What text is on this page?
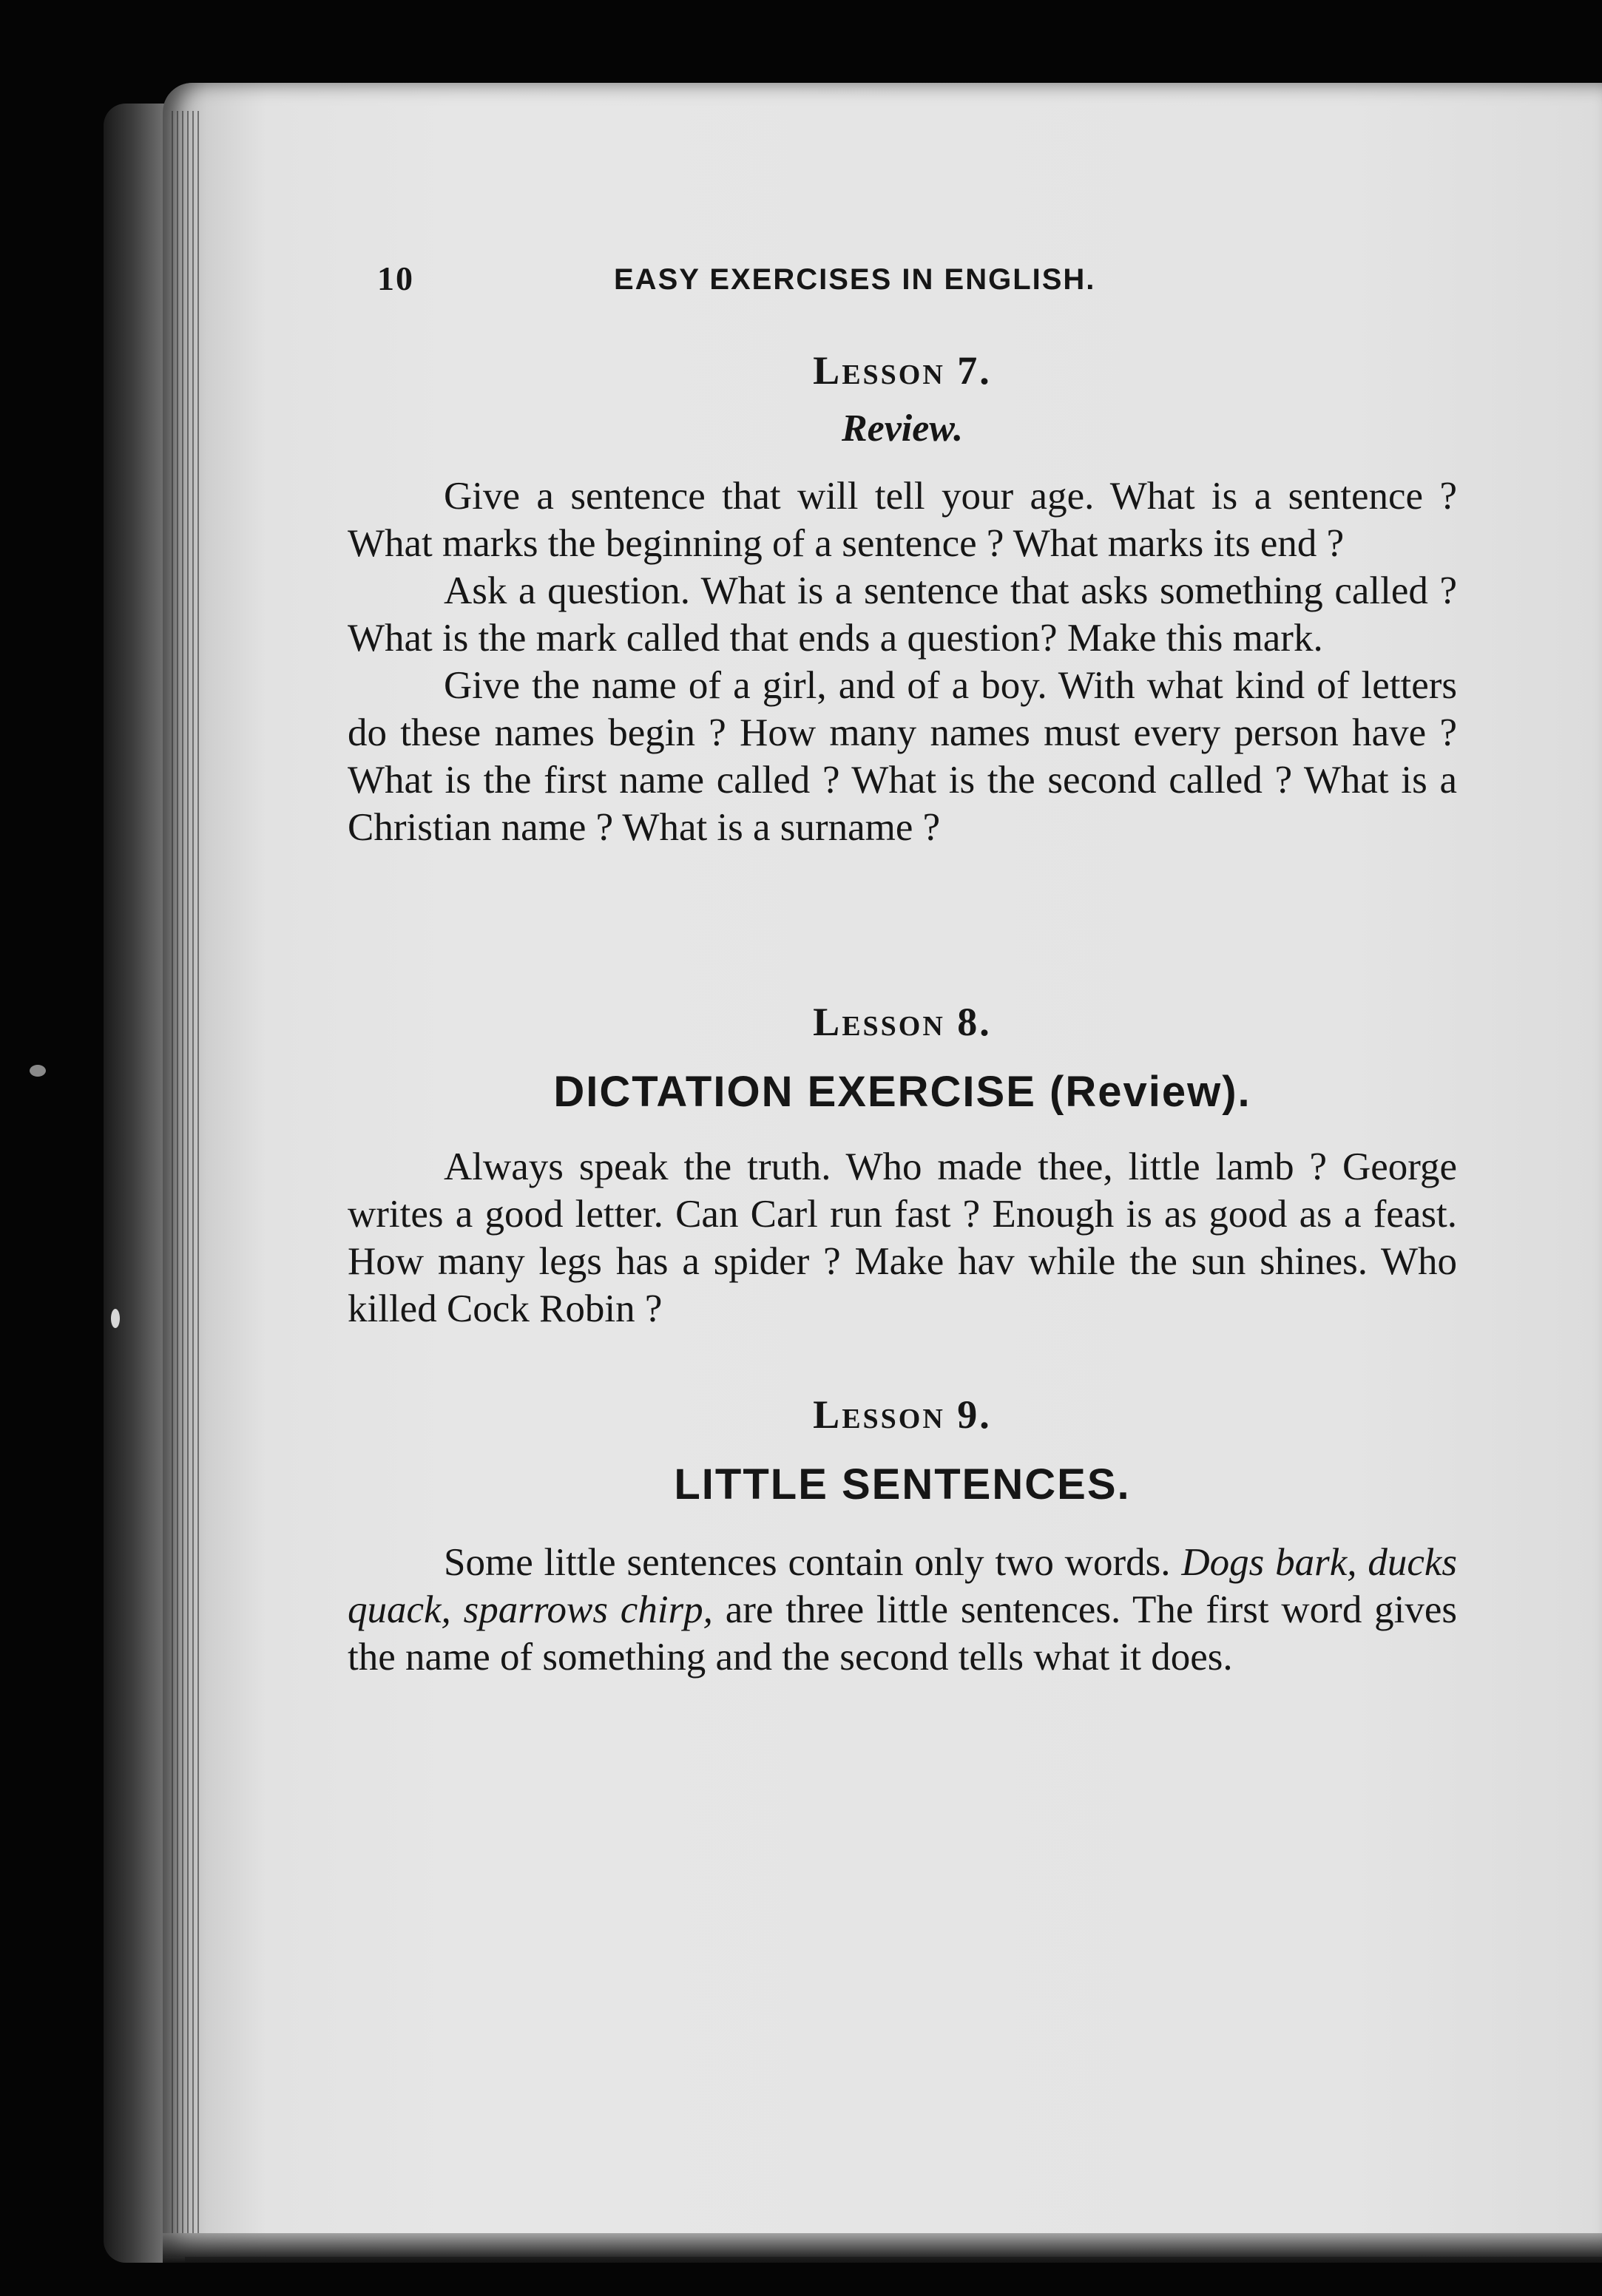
10	EASY EXERCISES IN ENGLISH.
Lesson 7.
Review.

Give a sentence that will tell your age. What is a sentence ? What marks the beginning of a sentence ? What marks its end ?

Ask a question. What is a sentence that asks something called ? What is the mark called that ends a question? Make this mark.

Give the name of a girl, and of a boy. With what kind of letters do these names begin ? How many names must every person have ? What is the first name called ? What is the second called ? What is a Christian name ? What is a surname ?

Lesson 8.
DICTATION EXERCISE (Review).

Always speak the truth. Who made thee, little lamb ? George writes a good letter. Can Carl run fast ? Enough is as good as a feast. How many legs has a spider ? Make hav while the sun shines. Who killed Cock Robin ?

Lesson 9.
LITTLE SENTENCES.

Some little sentences contain only two words. Dogs bark, ducks quack, sparrows chirp, are three little sentences. The first word gives the name of something and the second tells what it does.
